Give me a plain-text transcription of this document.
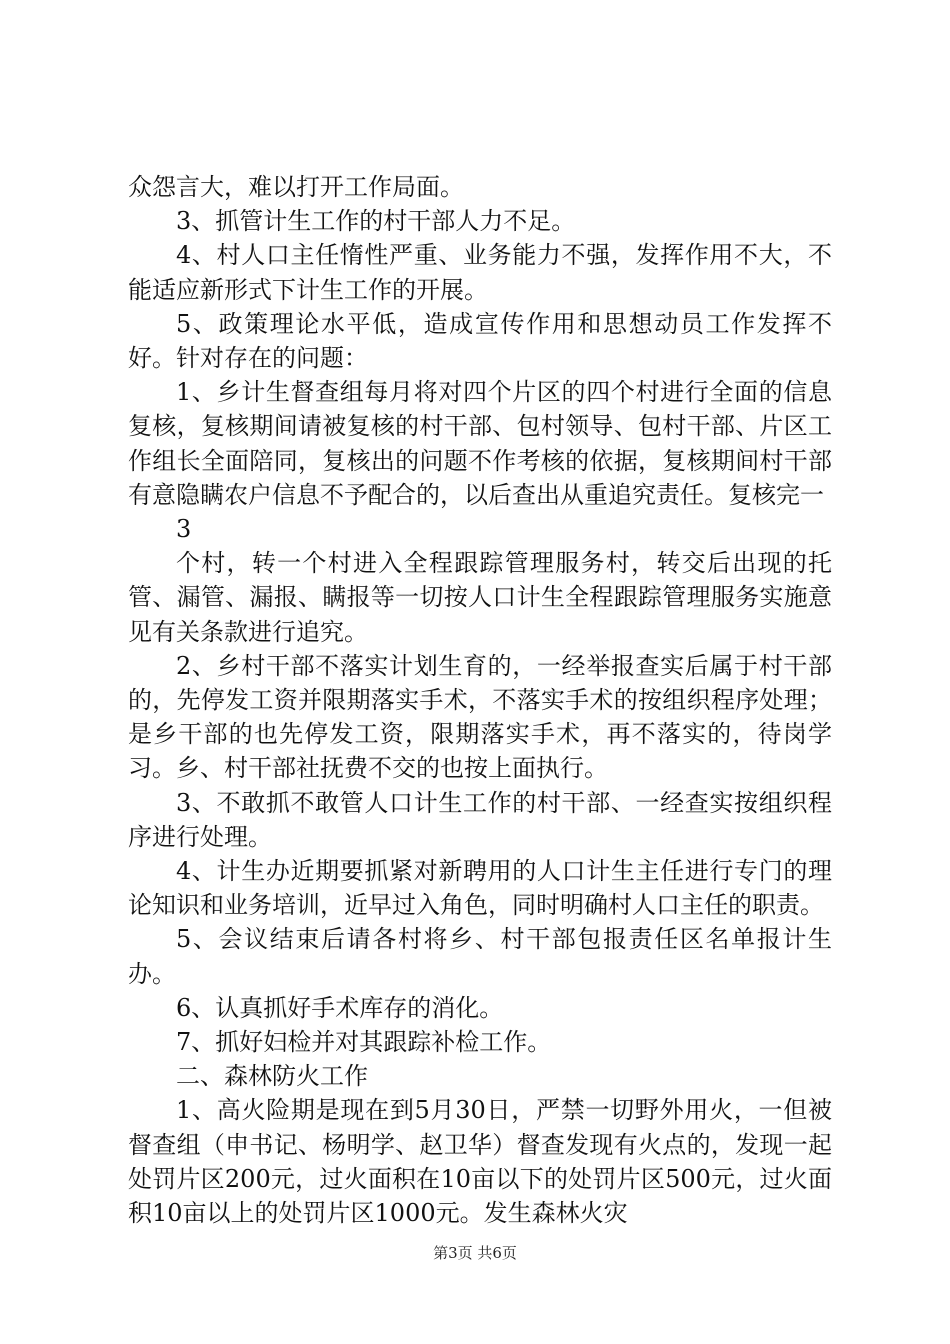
众怨言大，难以打开工作局面。

3、抓管计生工作的村干部人力不足。

4、村人口主任惰性严重、业务能力不强，发挥作用不大，不能适应新形式下计生工作的开展。

5、政策理论水平低，造成宣传作用和思想动员工作发挥不好。针对存在的问题：

1、乡计生督查组每月将对四个片区的四个村进行全面的信息复核，复核期间请被复核的村干部、包村领导、包村干部、片区工作组长全面陪同，复核出的问题不作考核的依据，复核期间村干部有意隐瞒农户信息不予配合的，以后查出从重追究责任。复核完一

3

个村，转一个村进入全程跟踪管理服务村，转交后出现的托管、漏管、漏报、瞒报等一切按人口计生全程跟踪管理服务实施意见有关条款进行追究。

2、乡村干部不落实计划生育的，一经举报查实后属于村干部的，先停发工资并限期落实手术，不落实手术的按组织程序处理；是乡干部的也先停发工资，限期落实手术，再不落实的，待岗学习。乡、村干部社抚费不交的也按上面执行。

3、不敢抓不敢管人口计生工作的村干部、一经查实按组织程序进行处理。

4、计生办近期要抓紧对新聘用的人口计生主任进行专门的理论知识和业务培训，近早过入角色，同时明确村人口主任的职责。

5、会议结束后请各村将乡、村干部包报责任区名单报计生办。

6、认真抓好手术库存的消化。

7、抓好妇检并对其跟踪补检工作。

二、森林防火工作

1、高火险期是现在到5月30日，严禁一切野外用火，一但被督查组（申书记、杨明学、赵卫华）督查发现有火点的，发现一起处罚片区200元，过火面积在10亩以下的处罚片区500元，过火面积10亩以上的处罚片区1000元。发生森林火灾

第3页 共6页
